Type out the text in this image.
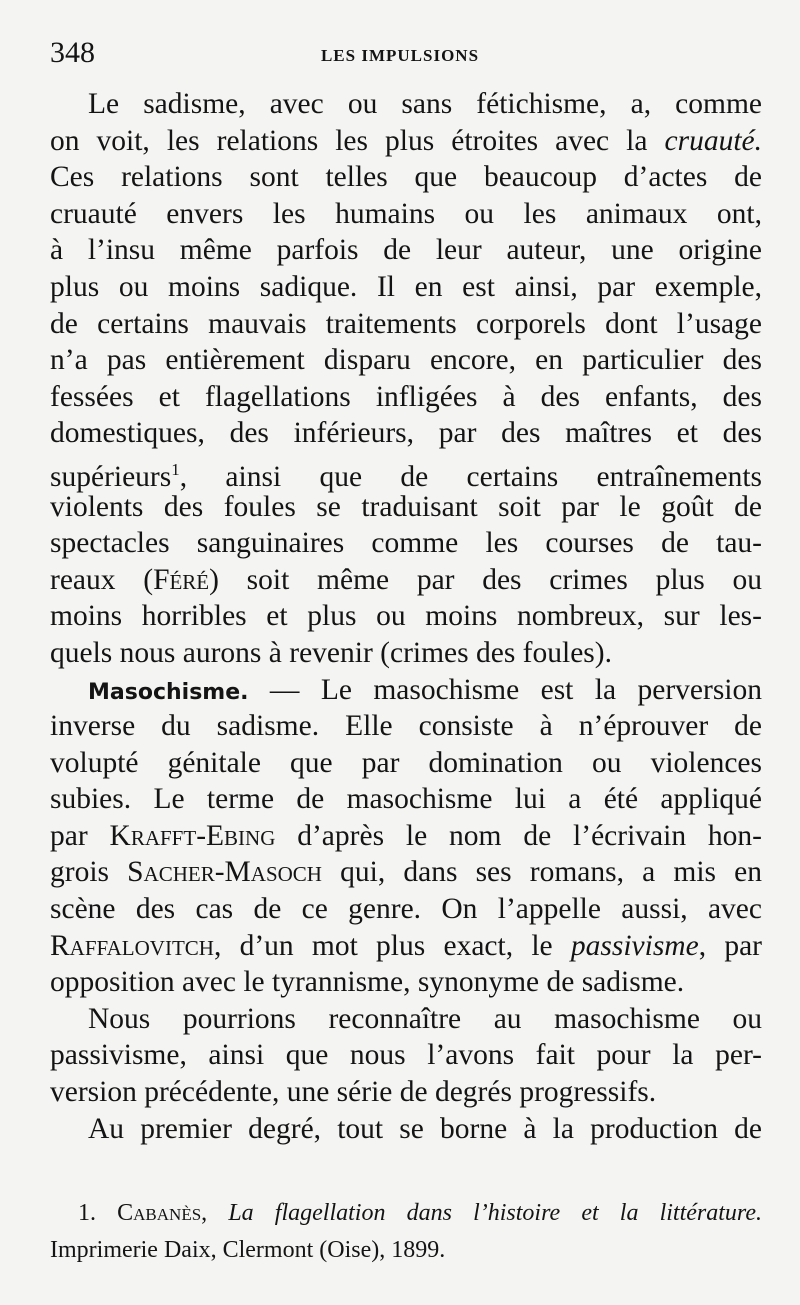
348	LES IMPULSIONS
Le sadisme, avec ou sans fétichisme, a, comme
on voit, les relations les plus étroites avec la cruauté.
Ces relations sont telles que beaucoup d’actes de
cruauté envers les humains ou les animaux ont,
à l’insu même parfois de leur auteur, une origine
plus ou moins sadique. Il en est ainsi, par exemple,
de certains mauvais traitements corporels dont l’usage
n’a pas entièrement disparu encore, en particulier des
fessées et flagellations infligées à des enfants, des
domestiques, des inférieurs, par des maîtres et des
supérieurs$^1$, ainsi que de certains entraînements
violents des foules se traduisant soit par le goût de
spectacles sanguinaires comme les courses de tau-
reaux (Féré) soit même par des crimes plus ou
moins horribles et plus ou moins nombreux, sur les-
quels nous aurons à revenir (crimes des foules).
Masochisme. — Le masochisme est la perversion
inverse du sadisme. Elle consiste à n’éprouver de
volupté génitale que par domination ou violences
subies. Le terme de masochisme lui a été appliqué
par Krafft-Ebing d’après le nom de l’écrivain hon-
grois Sacher-Masoch qui, dans ses romans, a mis en
scène des cas de ce genre. On l’appelle aussi, avec
Raffalovitch, d’un mot plus exact, le passivisme, par
opposition avec le tyrannisme, synonyme de sadisme.
Nous pourrions reconnaître au masochisme ou
passivisme, ainsi que nous l’avons fait pour la per-
version précédente, une série de degrés progressifs.
Au premier degré, tout se borne à la production de
1. Cabanès, La flagellation dans l’histoire et la littérature.
Imprimerie Daix, Clermont (Oise), 1899.
